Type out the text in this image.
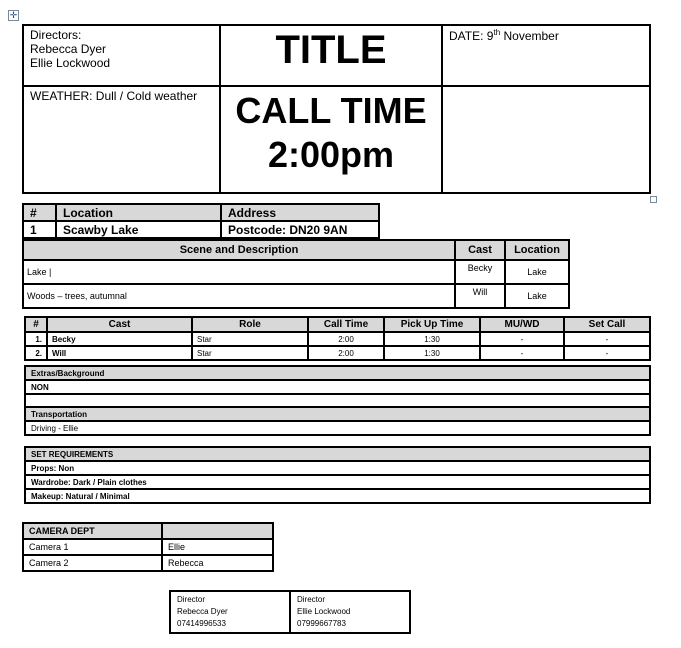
✛
Directors:
Rebecca Dyer
Ellie Lockwood	TITLE	DATE: 9th November
WEATHER: Dull / Cold weather	CALL TIME
2:00pm	

#	Location	Address
1	Scawby Lake	Postcode: DN20 9AN
Scene and Description	Cast	Location
Lake |	Becky	Lake
Woods – trees, autumnal	Will	Lake
#	Cast	Role	Call Time	Pick Up Time	MU/WD	Set Call
1.	Becky	Star	2:00	1:30	-	-
2.	Will	Star	2:00	1:30	-	-
Extras/Background
NON

Transportation
Driving - Ellie
SET REQUIREMENTS
Props: Non
Wardrobe: Dark / Plain clothes
Makeup: Natural / Minimal
CAMERA DEPT	
Camera 1	Ellie
Camera 2	Rebecca
Director
Rebecca Dyer
07414996533

Director
Ellie Lockwood
07999667783
